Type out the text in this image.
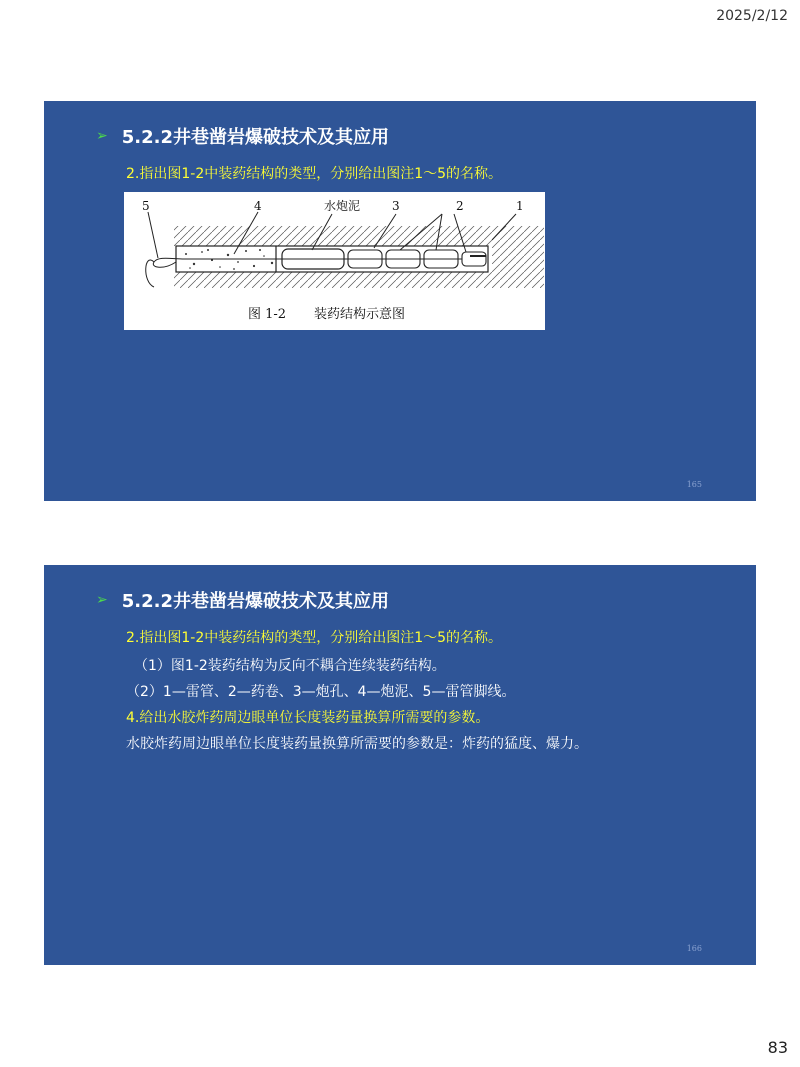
2025/2/12
➢ 5.2.2井巷凿岩爆破技术及其应用
2.指出图1-2中装药结构的类型，分别给出图注1～5的名称。
5	4	水炮泥	3	2	1
图 1-2 装药结构示意图
165
➢ 5.2.2井巷凿岩爆破技术及其应用
2.指出图1-2中装药结构的类型，分别给出图注1～5的名称。

（1）图1-2装药结构为反向不耦合连续装药结构。

（2）1—雷管、2—药卷、3—炮孔、4—炮泥、5—雷管脚线。

4.给出水胶炸药周边眼单位长度装药量换算所需要的参数。

水胶炸药周边眼单位长度装药量换算所需要的参数是：炸药的猛度、爆力。

166
83
